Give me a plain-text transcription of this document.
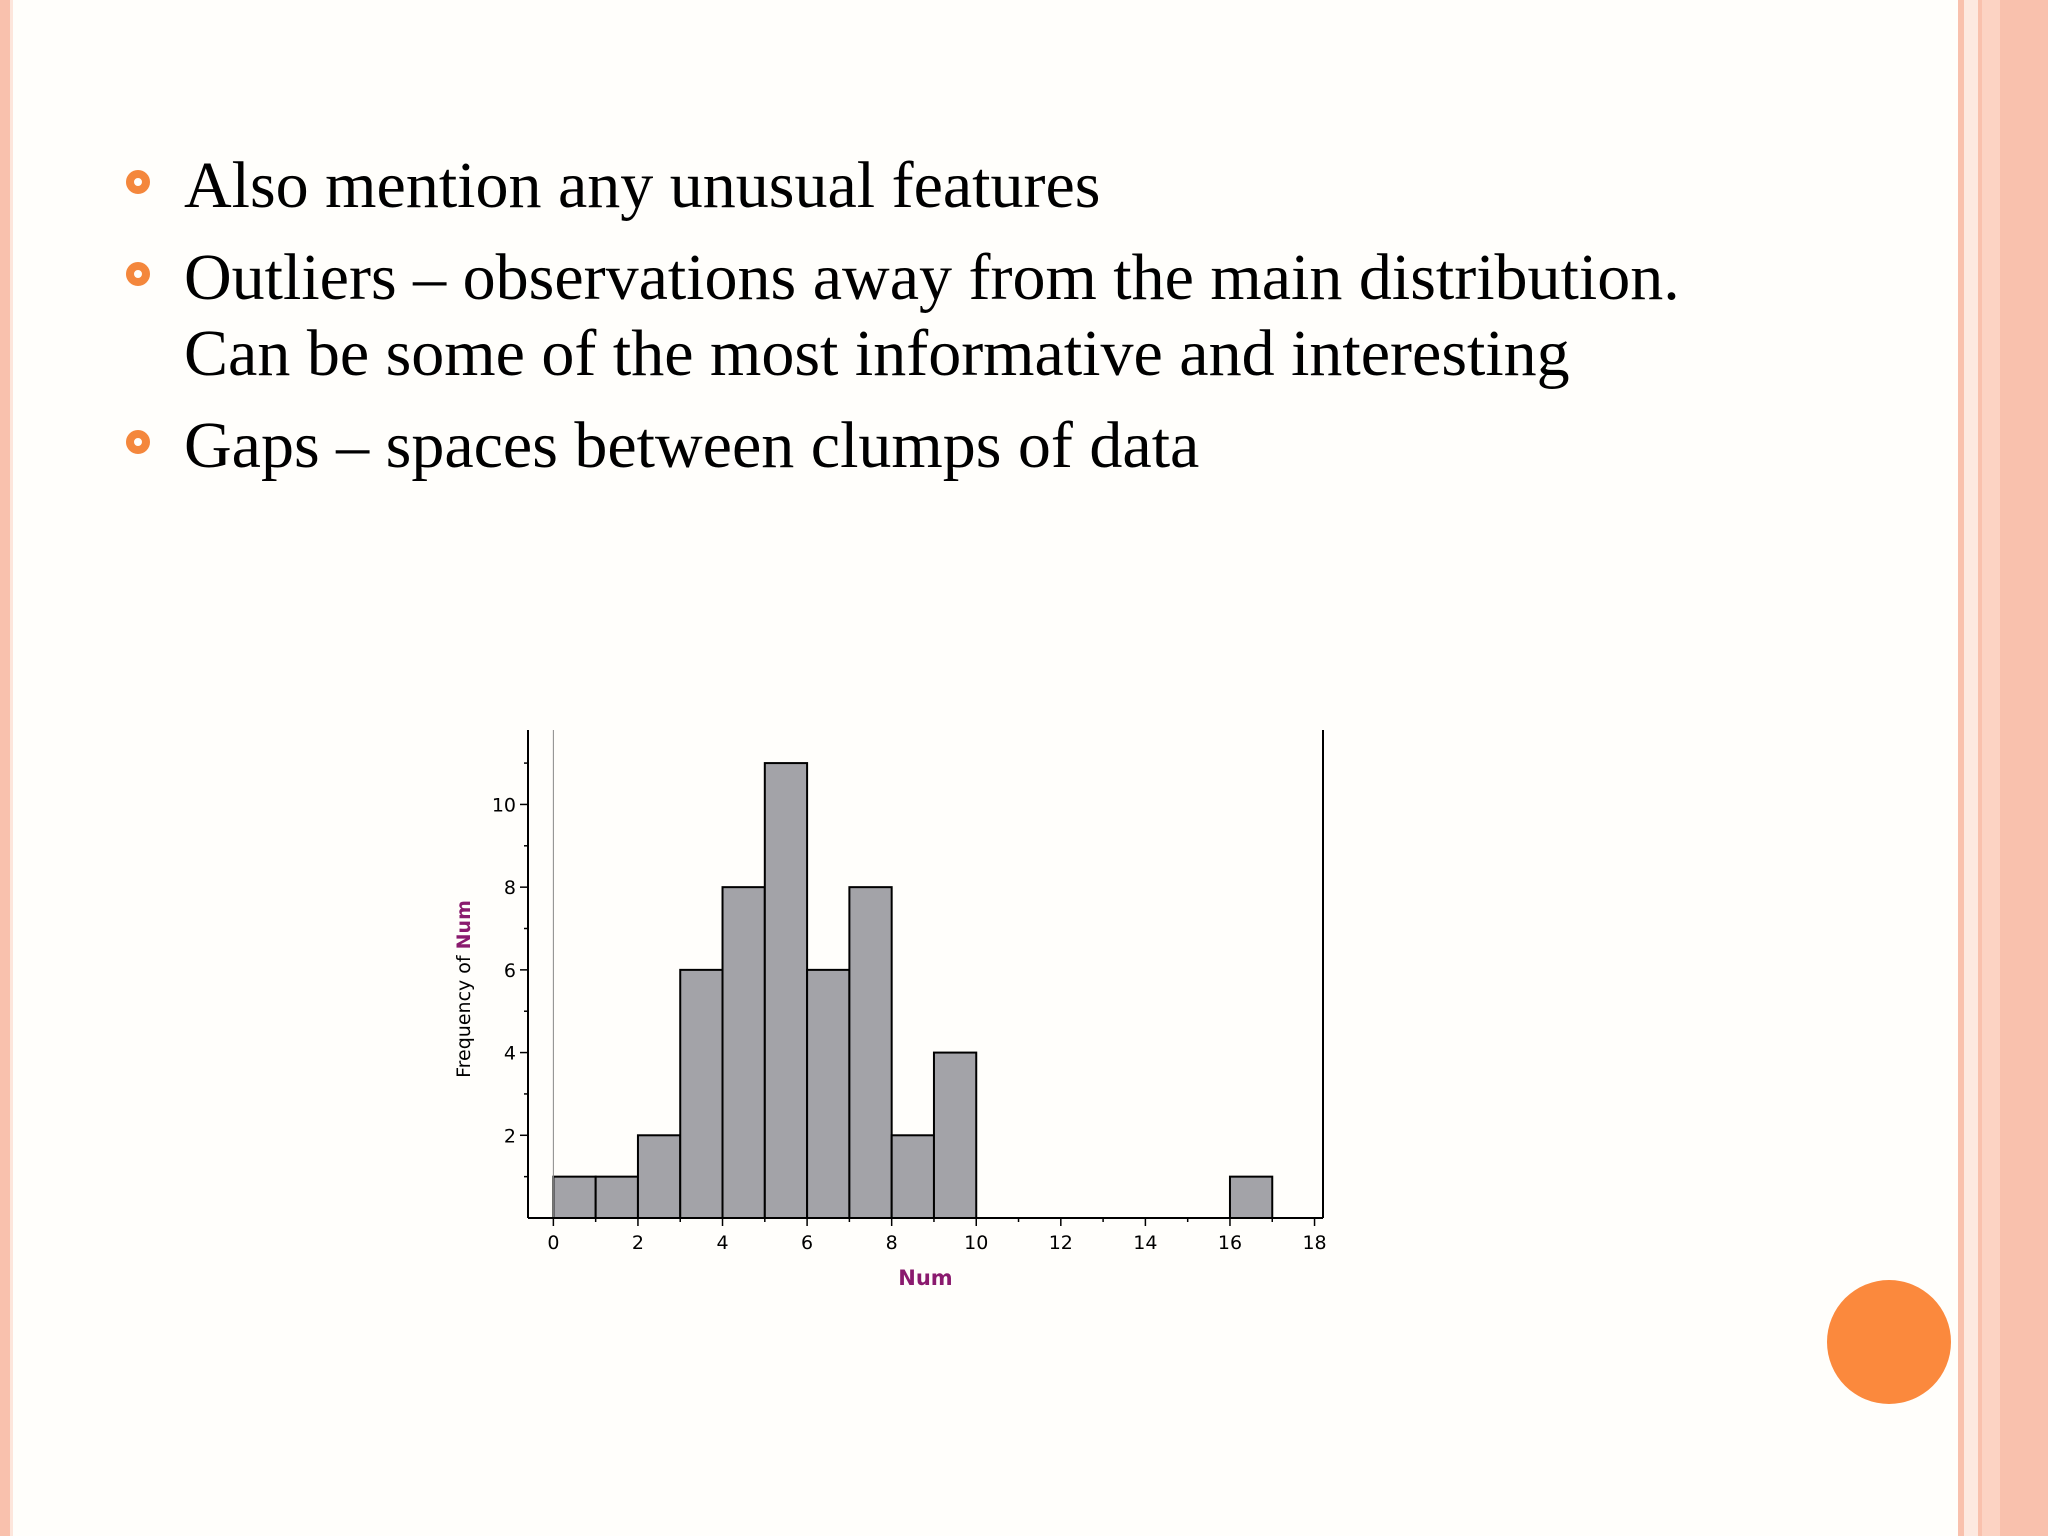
Also mention any unusual features
Outliers – observations away from the main distribution.
Can be some of the most informative and interesting
Gaps – spaces between clumps of data
0	2	4	6	8	10	12	14	16	18
2
4
6
8
10
Num
Frequency of Num
